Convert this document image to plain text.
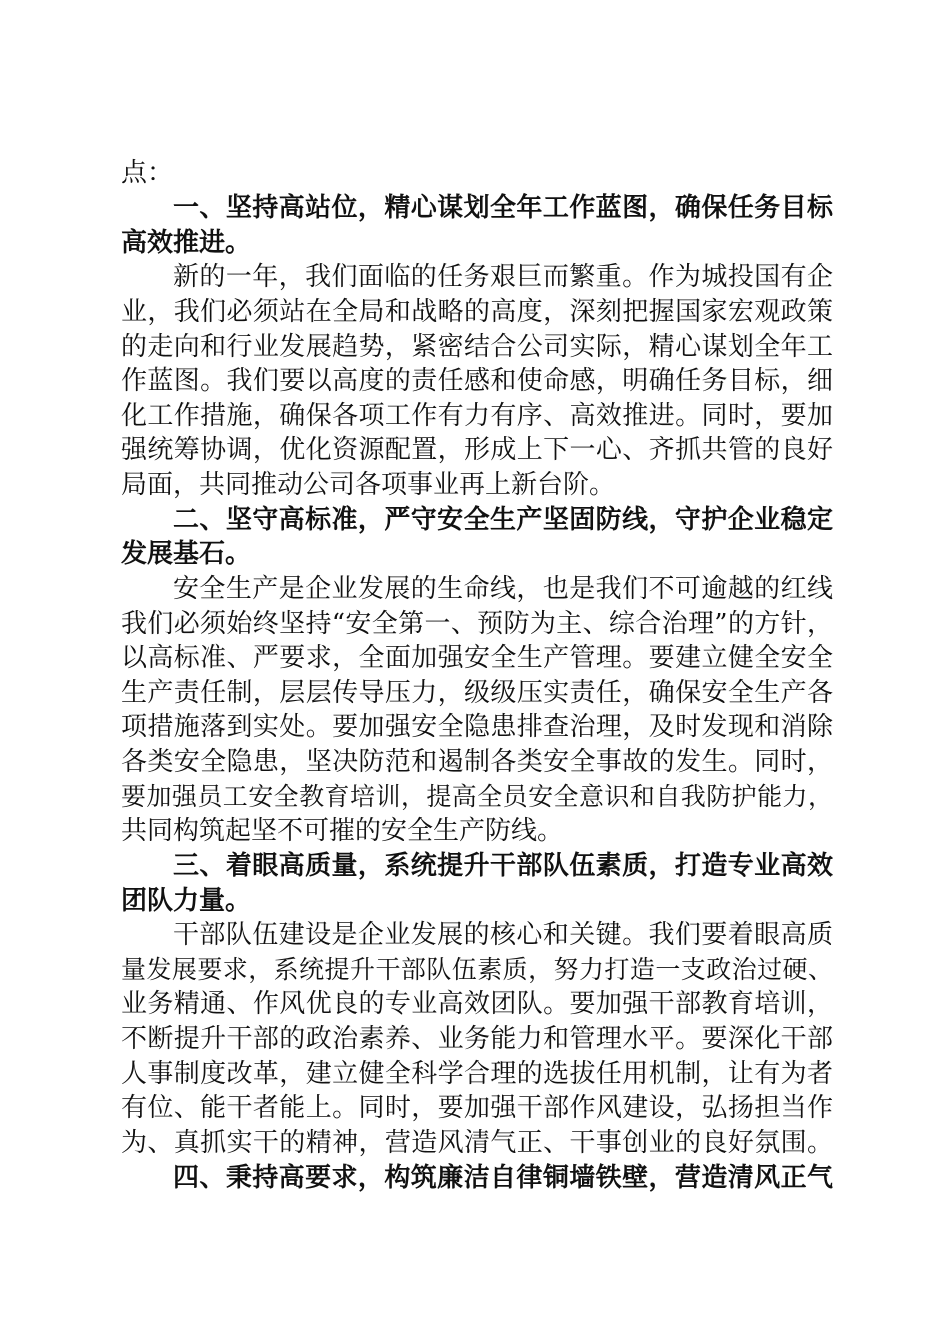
点：
一、坚持高站位，精心谋划全年工作蓝图，确保任务目标
高效推进。
新的一年，我们面临的任务艰巨而繁重。作为城投国有企
业，我们必须站在全局和战略的高度，深刻把握国家宏观政策
的走向和行业发展趋势，紧密结合公司实际，精心谋划全年工
作蓝图。我们要以高度的责任感和使命感，明确任务目标，细
化工作措施，确保各项工作有力有序、高效推进。同时，要加
强统筹协调，优化资源配置，形成上下一心、齐抓共管的良好
局面，共同推动公司各项事业再上新台阶。
二、坚守高标准，严守安全生产坚固防线，守护企业稳定
发展基石。
安全生产是企业发展的生命线，也是我们不可逾越的红线
我们必须始终坚持“安全第一、预防为主、综合治理”的方针，
以高标准、严要求，全面加强安全生产管理。要建立健全安全
生产责任制，层层传导压力，级级压实责任，确保安全生产各
项措施落到实处。要加强安全隐患排查治理，及时发现和消除
各类安全隐患，坚决防范和遏制各类安全事故的发生。同时，
要加强员工安全教育培训，提高全员安全意识和自我防护能力，
共同构筑起坚不可摧的安全生产防线。
三、着眼高质量，系统提升干部队伍素质，打造专业高效
团队力量。
干部队伍建设是企业发展的核心和关键。我们要着眼高质
量发展要求，系统提升干部队伍素质，努力打造一支政治过硬、
业务精通、作风优良的专业高效团队。要加强干部教育培训，
不断提升干部的政治素养、业务能力和管理水平。要深化干部
人事制度改革，建立健全科学合理的选拔任用机制，让有为者
有位、能干者能上。同时，要加强干部作风建设，弘扬担当作
为、真抓实干的精神，营造风清气正、干事创业的良好氛围。
四、秉持高要求，构筑廉洁自律铜墙铁壁，营造清风正气
